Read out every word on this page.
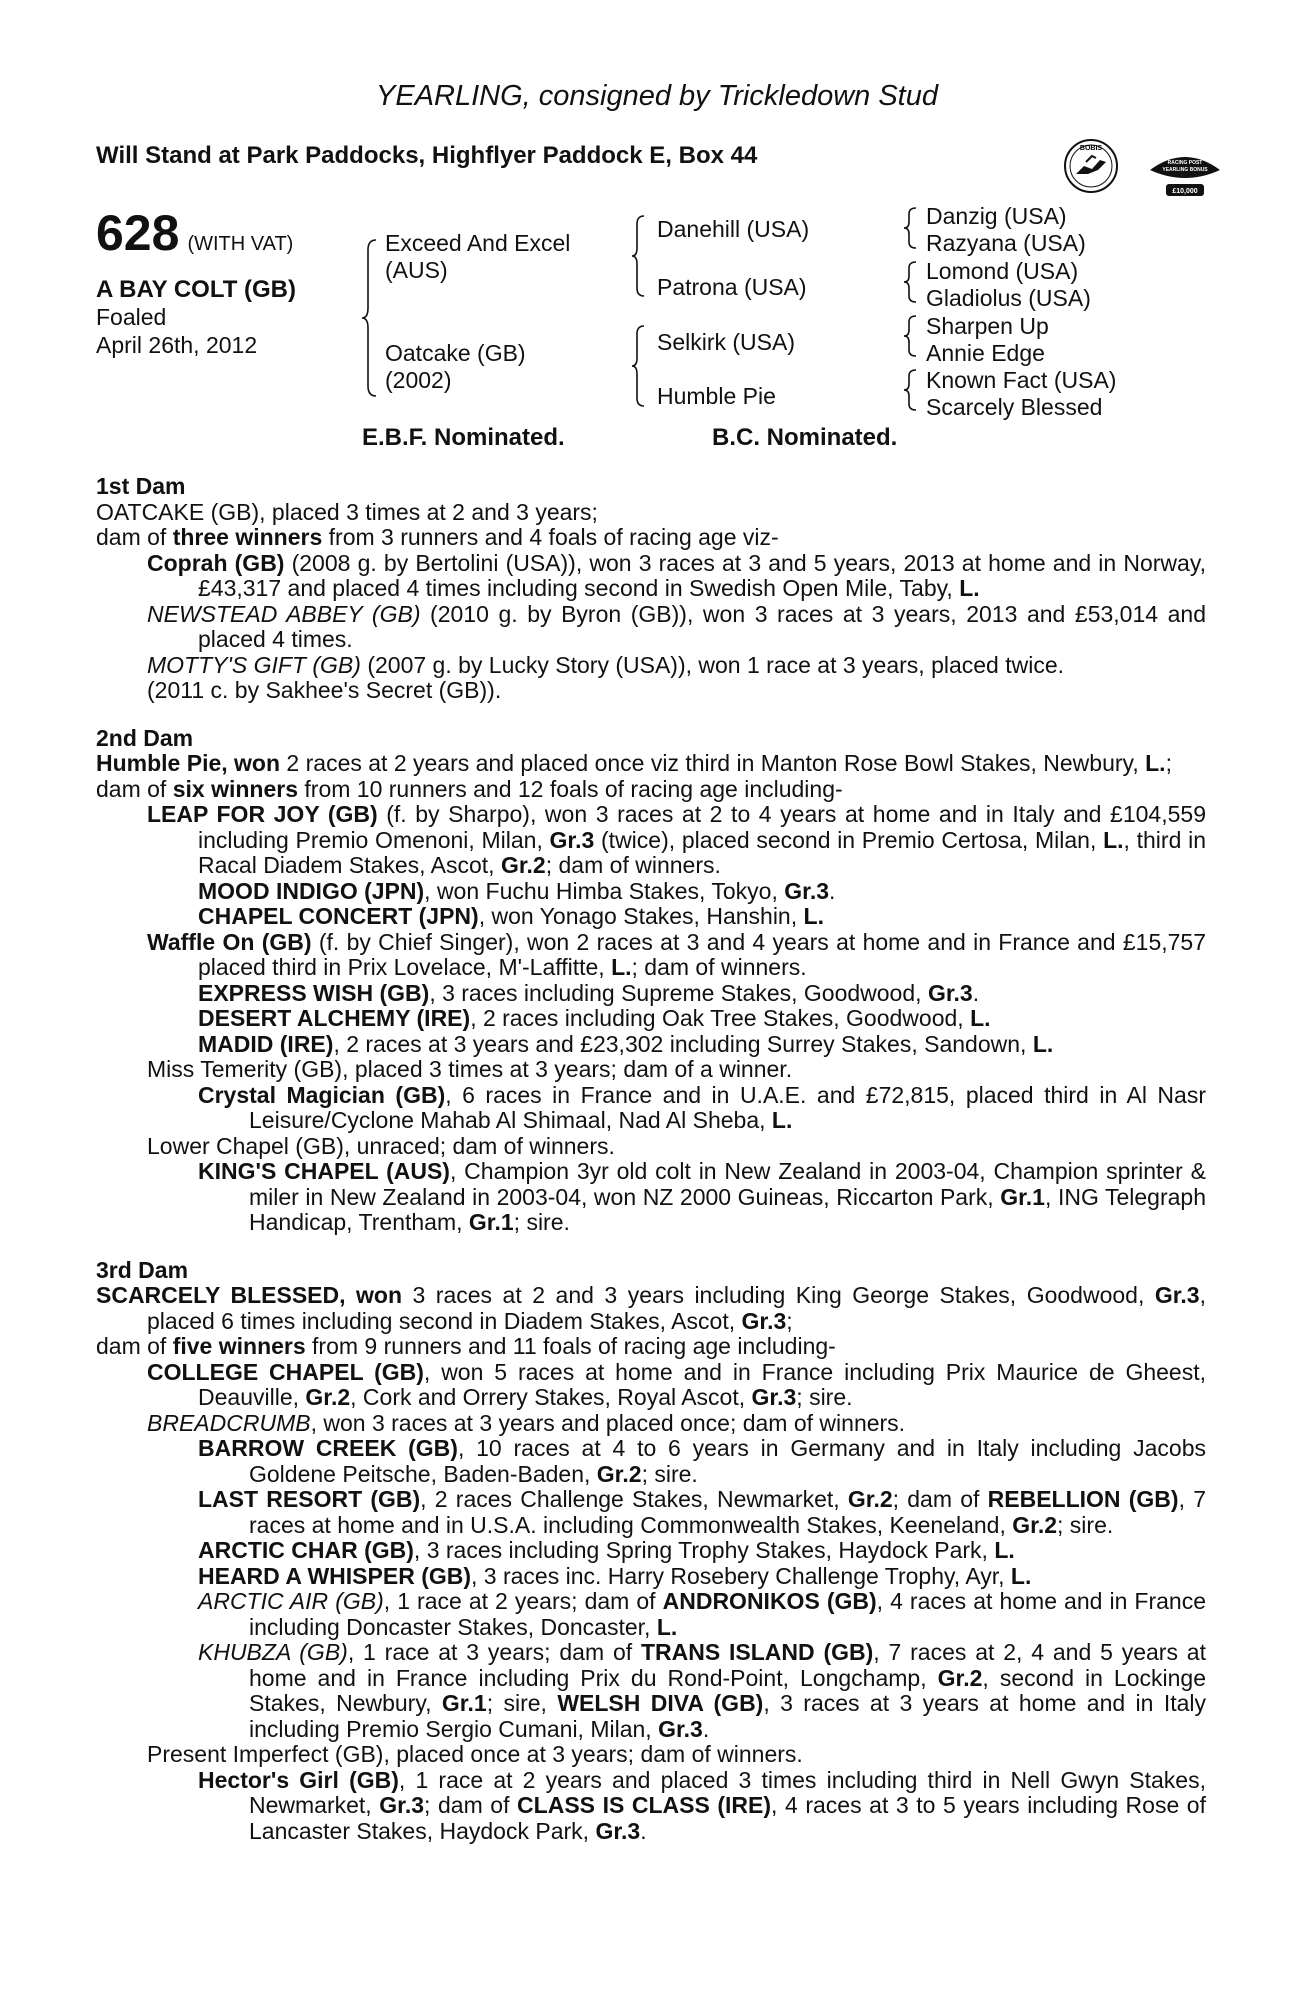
YEARLING, consigned by Trickledown Stud
Will Stand at Park Paddocks, Highflyer Paddock E, Box 44	BOBIS
RACING POST
YEARLING BONUS
£10,000
628 (WITH VAT)
A BAY COLT (GB)
Foaled
April 26th, 2012
Exceed And Excel
(AUS)
Oatcake (GB)
(2002)
Danehill (USA)
Patrona (USA)
Selkirk (USA)
Humble Pie
Danzig (USA)
Razyana (USA)
Lomond (USA)
Gladiolus (USA)
Sharpen Up
Annie Edge
Known Fact (USA)
Scarcely Blessed
E.B.F. Nominated.	B.C. Nominated.

1st Dam

OATCAKE (GB), placed 3 times at 2 and 3 years;

dam of three winners from 3 runners and 4 foals of racing age viz-

Coprah (GB) (2008 g. by Bertolini (USA)), won 3 races at 3 and 5 years, 2013 at home and in Norway, £43,317 and placed 4 times including second in Swedish Open Mile, Taby, L.

NEWSTEAD ABBEY (GB) (2010 g. by Byron (GB)), won 3 races at 3 years, 2013 and £53,014 and placed 4 times.

MOTTY'S GIFT (GB) (2007 g. by Lucky Story (USA)), won 1 race at 3 years, placed twice.

(2011 c. by Sakhee's Secret (GB)).

2nd Dam

Humble Pie, won 2 races at 2 years and placed once viz third in Manton Rose Bowl Stakes, Newbury, L.;

dam of six winners from 10 runners and 12 foals of racing age including-

LEAP FOR JOY (GB) (f. by Sharpo), won 3 races at 2 to 4 years at home and in Italy and £104,559 including Premio Omenoni, Milan, Gr.3 (twice), placed second in Premio Certosa, Milan, L., third in Racal Diadem Stakes, Ascot, Gr.2; dam of winners.

MOOD INDIGO (JPN), won Fuchu Himba Stakes, Tokyo, Gr.3.

CHAPEL CONCERT (JPN), won Yonago Stakes, Hanshin, L.

Waffle On (GB) (f. by Chief Singer), won 2 races at 3 and 4 years at home and in France and £15,757 placed third in Prix Lovelace, M'-Laffitte, L.; dam of winners.

EXPRESS WISH (GB), 3 races including Supreme Stakes, Goodwood, Gr.3.

DESERT ALCHEMY (IRE), 2 races including Oak Tree Stakes, Goodwood, L.

MADID (IRE), 2 races at 3 years and £23,302 including Surrey Stakes, Sandown, L.

Miss Temerity (GB), placed 3 times at 3 years; dam of a winner.

Crystal Magician (GB), 6 races in France and in U.A.E. and £72,815, placed third in Al Nasr Leisure/Cyclone Mahab Al Shimaal, Nad Al Sheba, L.

Lower Chapel (GB), unraced; dam of winners.

KING'S CHAPEL (AUS), Champion 3yr old colt in New Zealand in 2003-04, Champion sprinter & miler in New Zealand in 2003-04, won NZ 2000 Guineas, Riccarton Park, Gr.1, ING Telegraph Handicap, Trentham, Gr.1; sire.

3rd Dam

SCARCELY BLESSED, won 3 races at 2 and 3 years including King George Stakes, Goodwood, Gr.3, placed 6 times including second in Diadem Stakes, Ascot, Gr.3;

dam of five winners from 9 runners and 11 foals of racing age including-

COLLEGE CHAPEL (GB), won 5 races at home and in France including Prix Maurice de Gheest, Deauville, Gr.2, Cork and Orrery Stakes, Royal Ascot, Gr.3; sire.

BREADCRUMB, won 3 races at 3 years and placed once; dam of winners.

BARROW CREEK (GB), 10 races at 4 to 6 years in Germany and in Italy including Jacobs Goldene Peitsche, Baden-Baden, Gr.2; sire.

LAST RESORT (GB), 2 races Challenge Stakes, Newmarket, Gr.2; dam of REBELLION (GB), 7 races at home and in U.S.A. including Commonwealth Stakes, Keeneland, Gr.2; sire.

ARCTIC CHAR (GB), 3 races including Spring Trophy Stakes, Haydock Park, L.

HEARD A WHISPER (GB), 3 races inc. Harry Rosebery Challenge Trophy, Ayr, L.

ARCTIC AIR (GB), 1 race at 2 years; dam of ANDRONIKOS (GB), 4 races at home and in France including Doncaster Stakes, Doncaster, L.

KHUBZA (GB), 1 race at 3 years; dam of TRANS ISLAND (GB), 7 races at 2, 4 and 5 years at home and in France including Prix du Rond-Point, Longchamp, Gr.2, second in Lockinge Stakes, Newbury, Gr.1; sire, WELSH DIVA (GB), 3 races at 3 years at home and in Italy including Premio Sergio Cumani, Milan, Gr.3.

Present Imperfect (GB), placed once at 3 years; dam of winners.

Hector's Girl (GB), 1 race at 2 years and placed 3 times including third in Nell Gwyn Stakes, Newmarket, Gr.3; dam of CLASS IS CLASS (IRE), 4 races at 3 to 5 years including Rose of Lancaster Stakes, Haydock Park, Gr.3.
